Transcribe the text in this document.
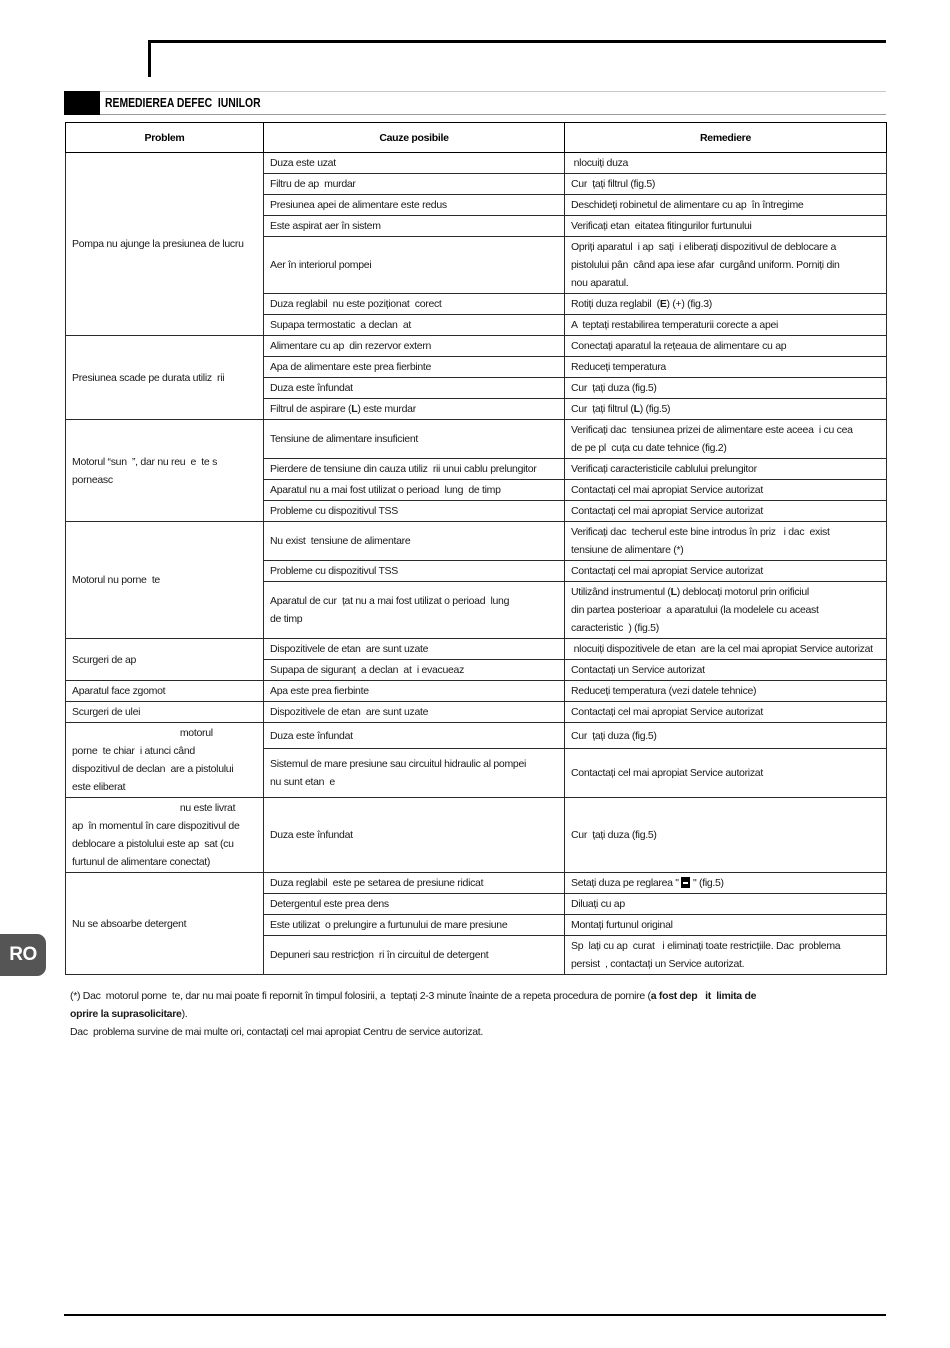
REMEDIEREA DEFEC  IUNILOR
Problem	Cauze posibile	Remediere
Pompa nu ajunge la presiunea de lucru	Duza este uzat	nlocuiți duza
	Filtru de ap  murdar	Cur  țați filtrul (fig.5)
	Presiunea apei de alimentare este redus	Deschideți robinetul de alimentare cu ap  în întregime
	Este aspirat aer în sistem	Verificați etan  eitatea fitingurilor furtunului
	Aer în interiorul pompei	Opriți aparatul  i ap  sați  i eliberați dispozitivul de deblocare a
pistolului pân  când apa iese afar  curgând uniform. Porniți din
nou aparatul.
	Duza reglabil  nu este poziționat  corect	Rotiți duza reglabil  (E) (+) (fig.3)
	Supapa termostatic  a declan  at	A  teptați restabilirea temperaturii corecte a apei
Presiunea scade pe durata utiliz  rii	Alimentare cu ap  din rezervor extern	Conectați aparatul la rețeaua de alimentare cu ap
	Apa de alimentare este prea fierbinte	Reduceți temperatura
	Duza este înfundat	Cur  țați duza (fig.5)
	Filtrul de aspirare (L) este murdar	Cur  țați filtrul (L) (fig.5)
Motorul “sun  ”, dar nu reu  e  te s
porneasc	Tensiune de alimentare insuficient	Verificați dac  tensiunea prizei de alimentare este aceea  i cu cea
de pe pl  cuța cu date tehnice (fig.2)
	Pierdere de tensiune din cauza utiliz  rii unui cablu prelungitor	Verificați caracteristicile cablului prelungitor
	Aparatul nu a mai fost utilizat o perioad  lung  de timp	Contactați cel mai apropiat Service autorizat
	Probleme cu dispozitivul TSS	Contactați cel mai apropiat Service autorizat
Motorul nu porne  te	Nu exist  tensiune de alimentare	Verificați dac  techerul este bine introdus în priz   i dac  exist
tensiune de alimentare (*)
	Probleme cu dispozitivul TSS	Contactați cel mai apropiat Service autorizat
	Aparatul de cur  țat nu a mai fost utilizat o perioad  lung
de timp	Utilizând instrumentul (L) deblocați motorul prin orificiul
din partea posterioar  a aparatului (la modelele cu aceast
caracteristic  ) (fig.5)
Scurgeri de ap	Dispozitivele de etan  are sunt uzate	nlocuiți dispozitivele de etan  are la cel mai apropiat Service autorizat
	Supapa de siguranț  a declan  at  i evacueaz	Contactați un Service autorizat
Aparatul face zgomot	Apa este prea fierbinte	Reduceți temperatura (vezi datele tehnice)
Scurgeri de ulei	Dispozitivele de etan  are sunt uzate	Contactați cel mai apropiat Service autorizat
motorul
porne  te chiar  i atunci când
dispozitivul de declan  are a pistolului
este eliberat	Duza este înfundat	Cur  țați duza (fig.5)
	Sistemul de mare presiune sau circuitul hidraulic al pompei
nu sunt etan  e	Contactați cel mai apropiat Service autorizat
nu este livrat
ap  în momentul în care dispozitivul de
deblocare a pistolului este ap  sat (cu
furtunul de alimentare conectat)	Duza este înfundat	Cur  țați duza (fig.5)
Nu se absoarbe detergent	Duza reglabil  este pe setarea de presiune ridicat	Setați duza pe reglarea "  " (fig.5)
	Detergentul este prea dens	Diluați cu ap
	Este utilizat  o prelungire a furtunului de mare presiune	Montați furtunul original
	Depuneri sau restricțion  ri în circuitul de detergent	Sp  lați cu ap  curat   i eliminați toate restricțiile. Dac  problema
persist  , contactați un Service autorizat.
(*) Dac  motorul porne  te, dar nu mai poate fi repornit în timpul folosirii, a  teptați 2-3 minute înainte de a repeta procedura de pornire (a fost dep   it  limita de
oprire la suprasolicitare).
Dac  problema survine de mai multe ori, contactați cel mai apropiat Centru de service autorizat.
RO
